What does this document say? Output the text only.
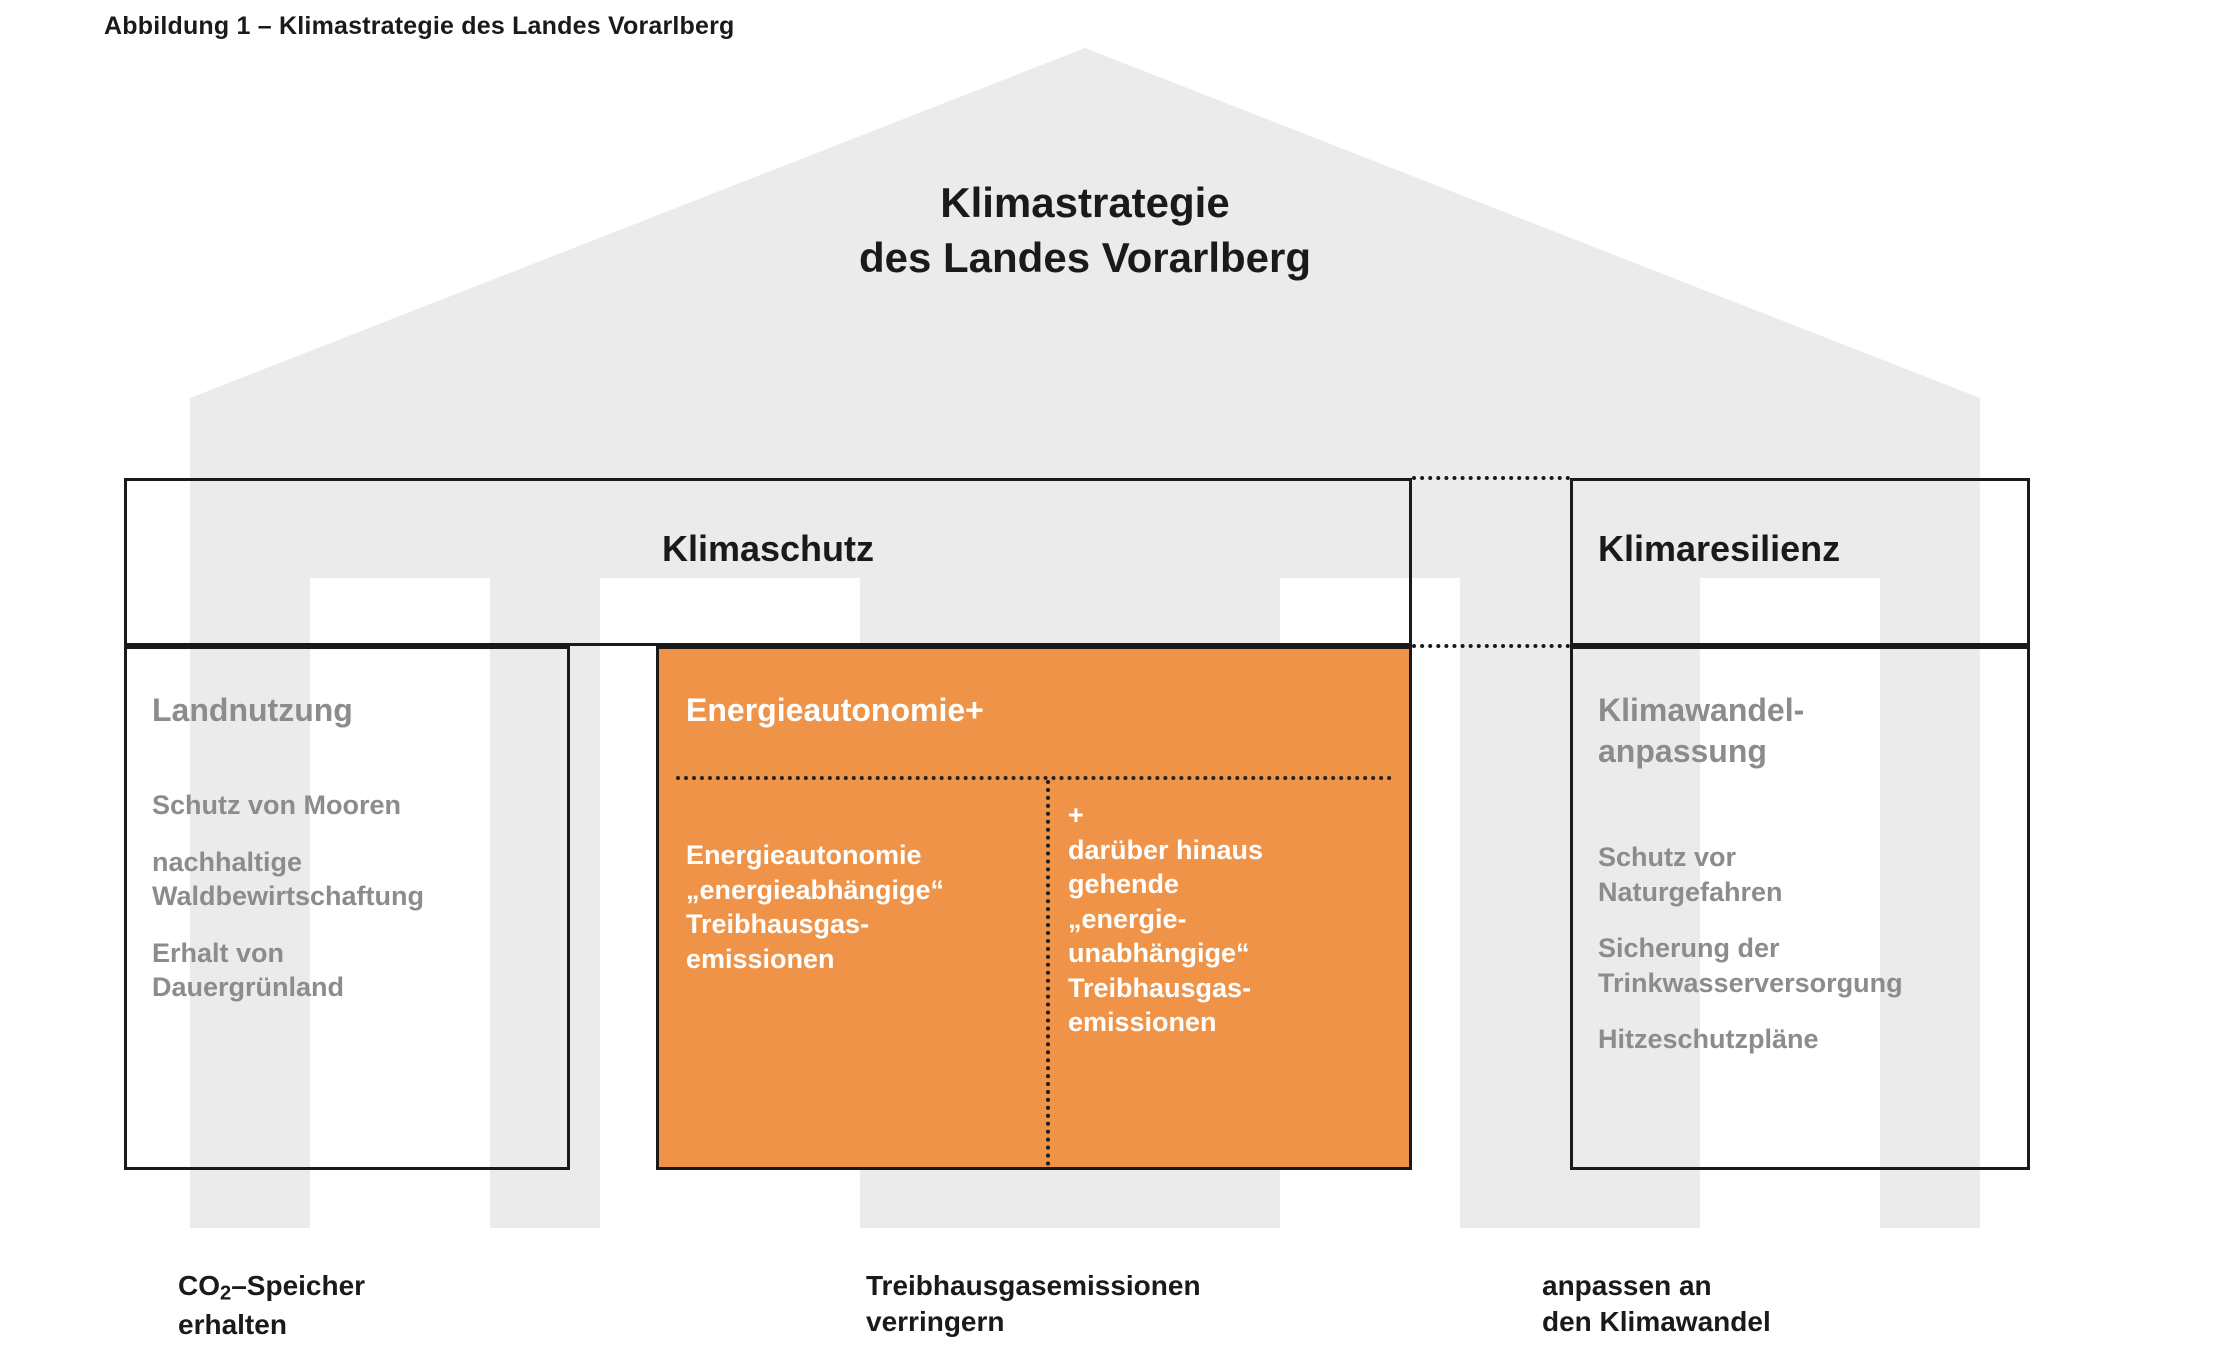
Abbildung 1 – Klimastrategie des Landes Vorarlberg
Klimastrategie
des Landes Vorarlberg
Klimaschutz	Klimaresilienz
Landnutzung

Schutz von Mooren

nachhaltige
Waldbewirtschaftung

Erhalt von
Dauergrünland

Energieautonomie+
Energieautonomie
„energieabhängige“
Treibhausgas-
emissionen
+
darüber hinaus
gehende
„energie-
unabhängige“
Treibhausgas-
emissionen
Klimawandel-
anpassung

Schutz vor
Naturgefahren

Sicherung der
Trinkwasserversorgung

Hitzeschutzpläne

$CO_2$–Speicher
erhalten
Treibhausgasemissionen
verringern
anpassen an
den Klimawandel
